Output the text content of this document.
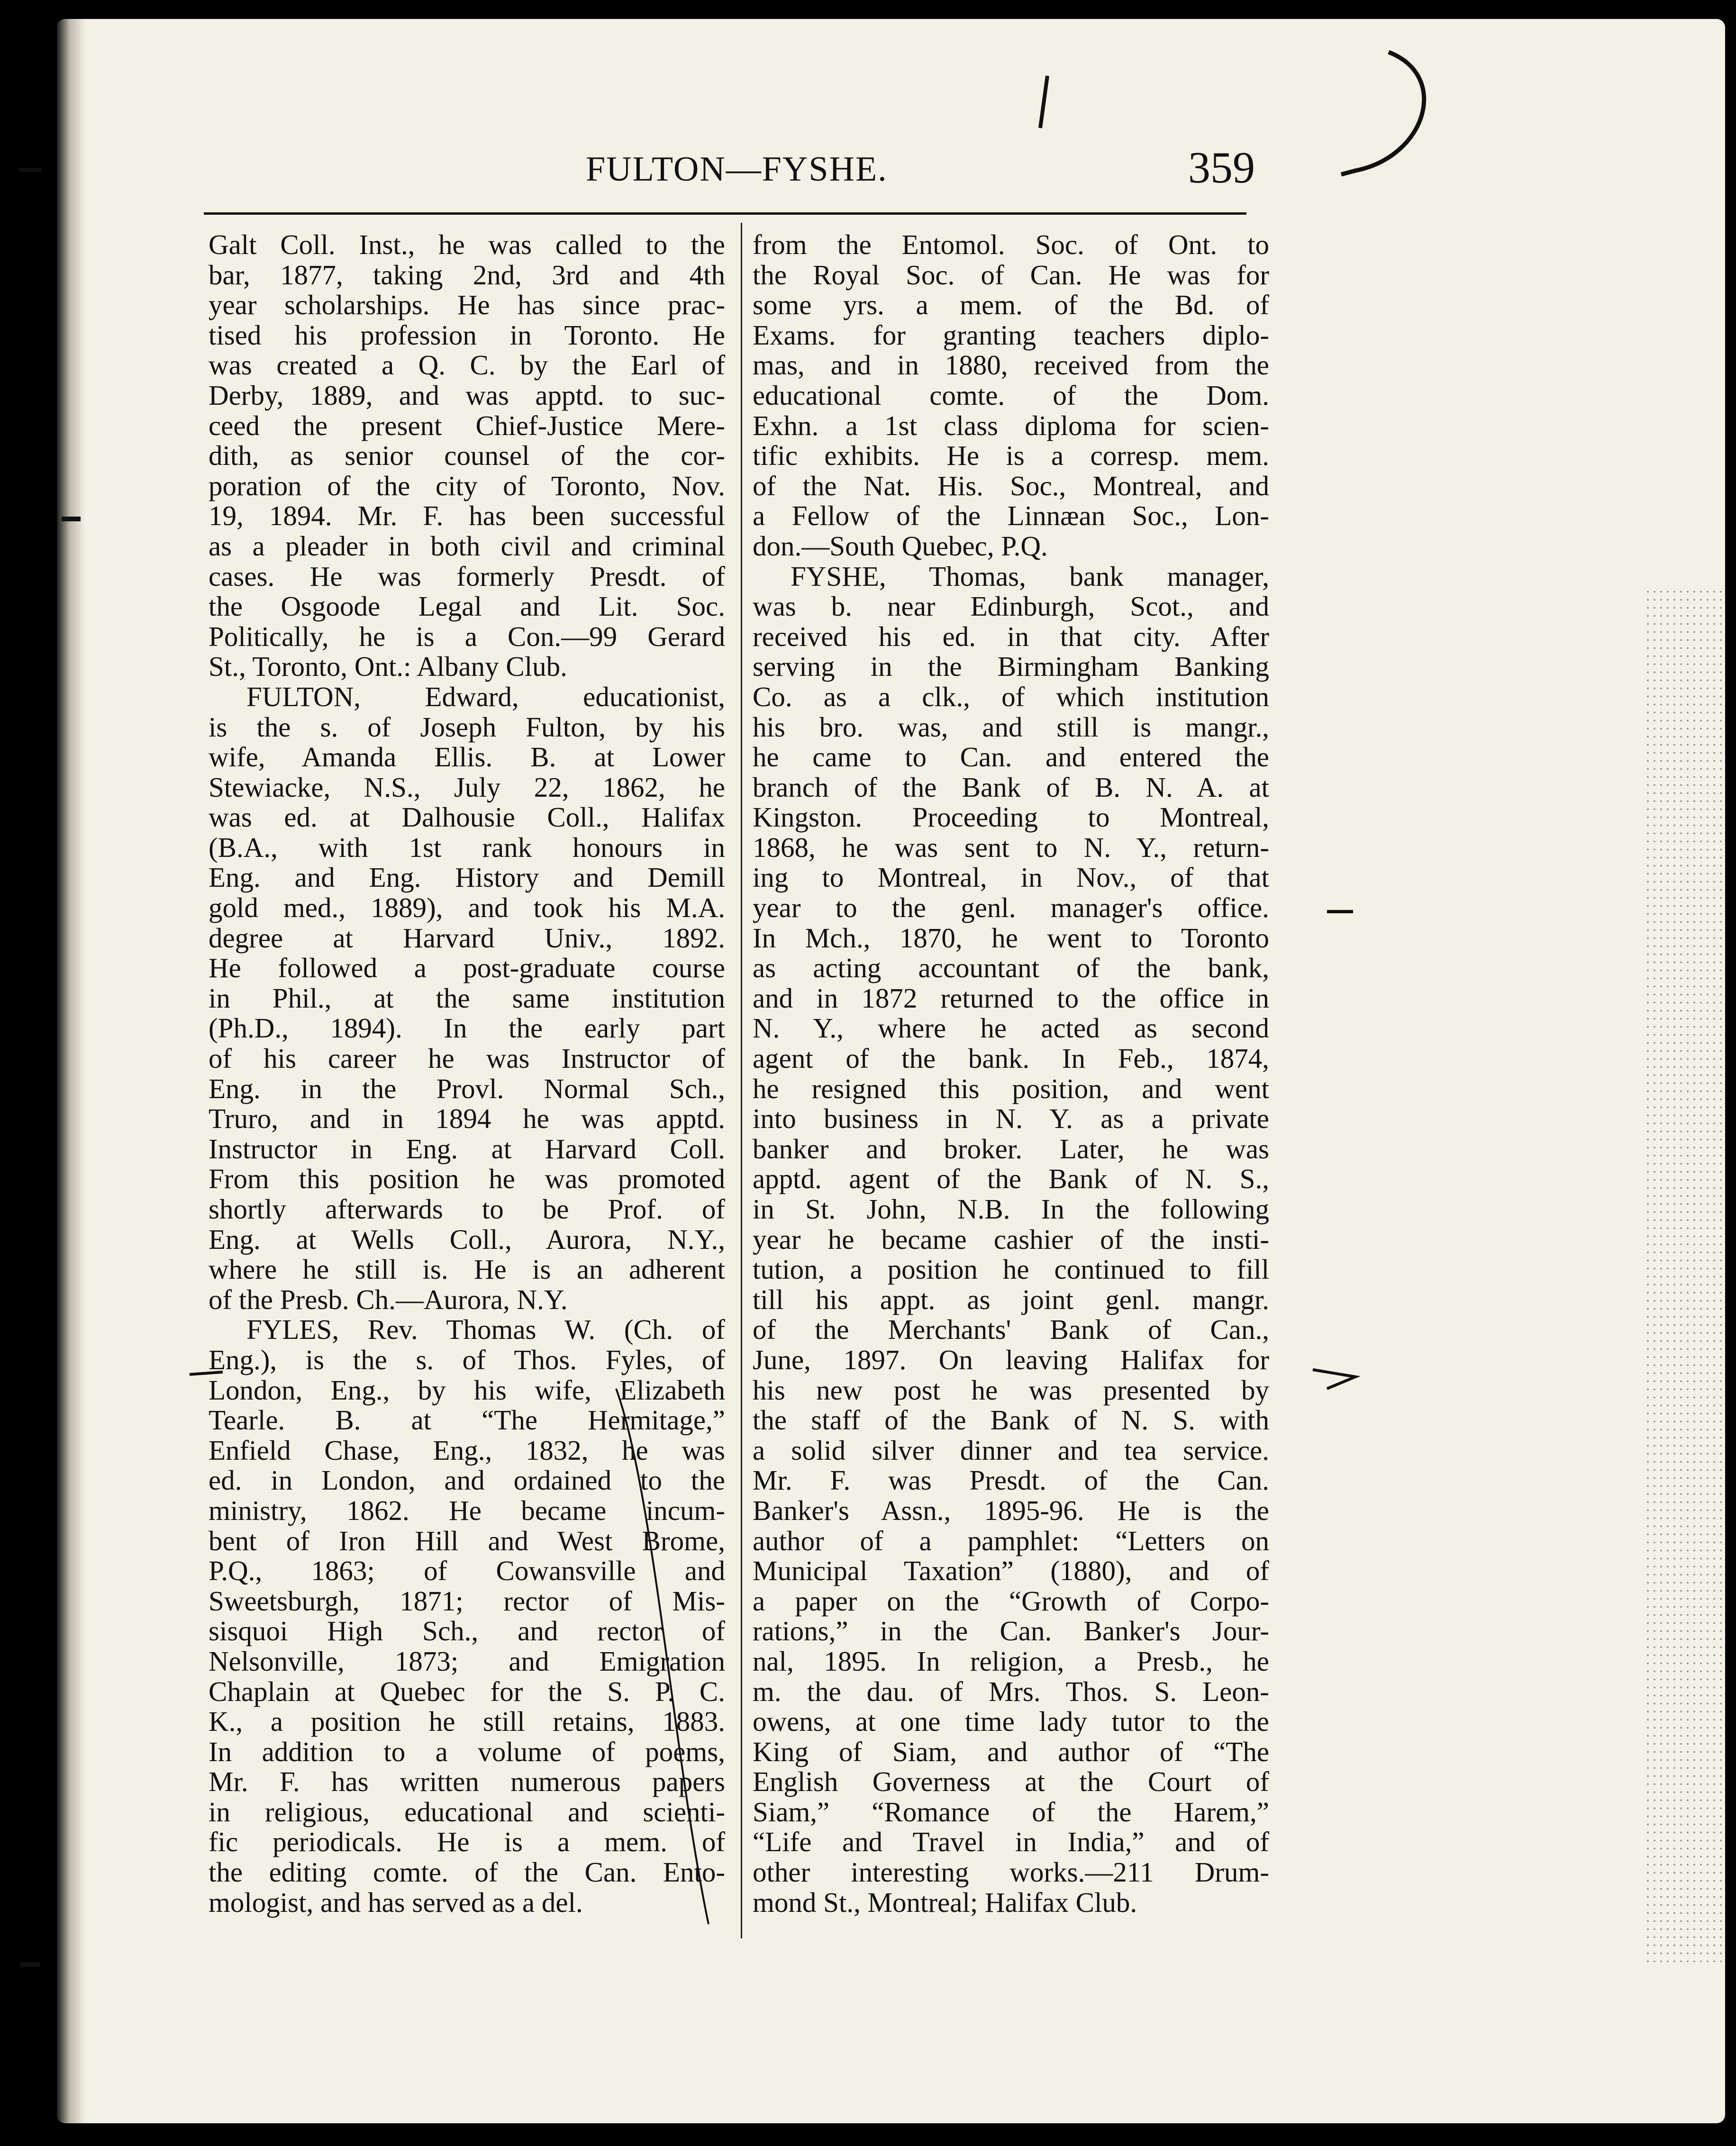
FULTON—FYSHE.	359
Galt Coll. Inst., he was called to the
bar, 1877, taking 2nd, 3rd and 4th
year scholarships. He has since prac-
tised his profession in Toronto. He
was created a Q. C. by the Earl of
Derby, 1889, and was apptd. to suc-
ceed the present Chief-Justice Mere-
dith, as senior counsel of the cor-
poration of the city of Toronto, Nov.
19, 1894. Mr. F. has been successful
as a pleader in both civil and criminal
cases. He was formerly Presdt. of
the Osgoode Legal and Lit. Soc.
Politically, he is a Con.—99 Gerard
St., Toronto, Ont.: Albany Club.
FULTON, Edward, educationist,
is the s. of Joseph Fulton, by his
wife, Amanda Ellis. B. at Lower
Stewiacke, N.S., July 22, 1862, he
was ed. at Dalhousie Coll., Halifax
(B.A., with 1st rank honours in
Eng. and Eng. History and Demill
gold med., 1889), and took his M.A.
degree at Harvard Univ., 1892.
He followed a post-graduate course
in Phil., at the same institution
(Ph.D., 1894). In the early part
of his career he was Instructor of
Eng. in the Provl. Normal Sch.,
Truro, and in 1894 he was apptd.
Instructor in Eng. at Harvard Coll.
From this position he was promoted
shortly afterwards to be Prof. of
Eng. at Wells Coll., Aurora, N.Y.,
where he still is. He is an adherent
of the Presb. Ch.—Aurora, N.Y.
FYLES, Rev. Thomas W. (Ch. of
Eng.), is the s. of Thos. Fyles, of
London, Eng., by his wife, Elizabeth
Tearle. B. at “The Hermitage,”
Enfield Chase, Eng., 1832, he was
ed. in London, and ordained to the
ministry, 1862. He became incum-
bent of Iron Hill and West Brome,
P.Q., 1863; of Cowansville and
Sweetsburgh, 1871; rector of Mis-
sisquoi High Sch., and rector of
Nelsonville, 1873; and Emigration
Chaplain at Quebec for the S. P. C.
K., a position he still retains, 1883.
In addition to a volume of poems,
Mr. F. has written numerous papers
in religious, educational and scienti-
fic periodicals. He is a mem. of
the editing comte. of the Can. Ento-
mologist, and has served as a del.
from the Entomol. Soc. of Ont. to
the Royal Soc. of Can. He was for
some yrs. a mem. of the Bd. of
Exams. for granting teachers diplo-
mas, and in 1880, received from the
educational comte. of the Dom.
Exhn. a 1st class diploma for scien-
tific exhibits. He is a corresp. mem.
of the Nat. His. Soc., Montreal, and
a Fellow of the Linnæan Soc., Lon-
don.—South Quebec, P.Q.
FYSHE, Thomas, bank manager,
was b. near Edinburgh, Scot., and
received his ed. in that city. After
serving in the Birmingham Banking
Co. as a clk., of which institution
his bro. was, and still is mangr.,
he came to Can. and entered the
branch of the Bank of B. N. A. at
Kingston. Proceeding to Montreal,
1868, he was sent to N. Y., return-
ing to Montreal, in Nov., of that
year to the genl. manager's office.
In Mch., 1870, he went to Toronto
as acting accountant of the bank,
and in 1872 returned to the office in
N. Y., where he acted as second
agent of the bank. In Feb., 1874,
he resigned this position, and went
into business in N. Y. as a private
banker and broker. Later, he was
apptd. agent of the Bank of N. S.,
in St. John, N.B. In the following
year he became cashier of the insti-
tution, a position he continued to fill
till his appt. as joint genl. mangr.
of the Merchants' Bank of Can.,
June, 1897. On leaving Halifax for
his new post he was presented by
the staff of the Bank of N. S. with
a solid silver dinner and tea service.
Mr. F. was Presdt. of the Can.
Banker's Assn., 1895-96. He is the
author of a pamphlet: “Letters on
Municipal Taxation” (1880), and of
a paper on the “Growth of Corpo-
rations,” in the Can. Banker's Jour-
nal, 1895. In religion, a Presb., he
m. the dau. of Mrs. Thos. S. Leon-
owens, at one time lady tutor to the
King of Siam, and author of “The
English Governess at the Court of
Siam,” “Romance of the Harem,”
“Life and Travel in India,” and of
other interesting works.—211 Drum-
mond St., Montreal; Halifax Club.
